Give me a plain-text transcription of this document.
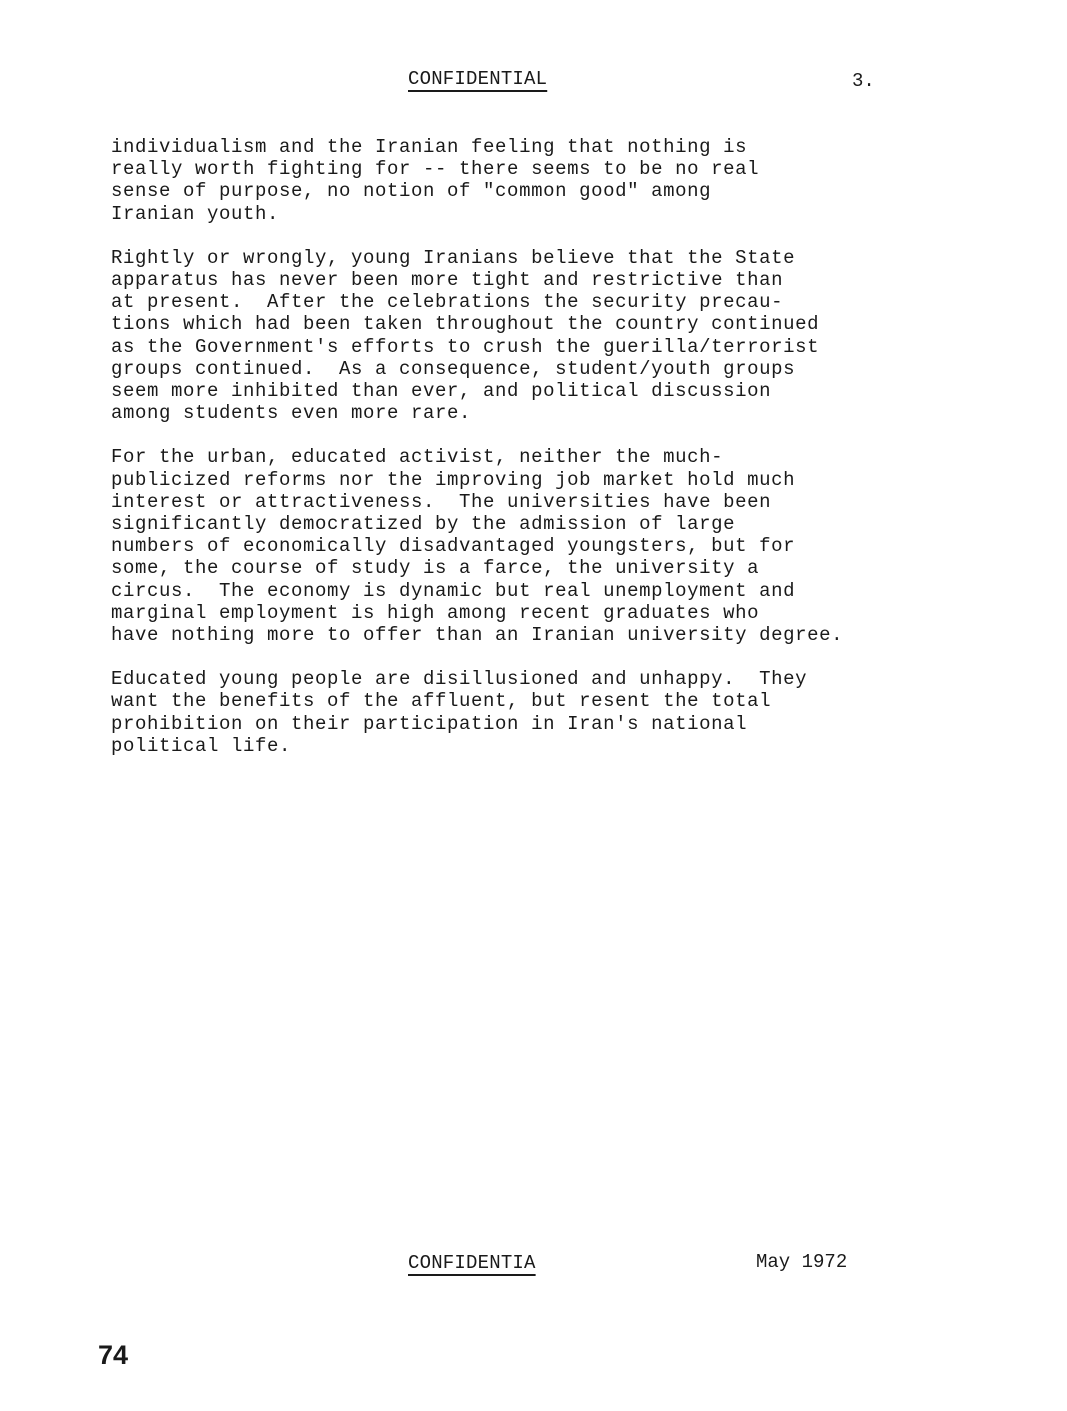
CONFIDENTIAL	3.

individualism and the Iranian feeling that nothing is
really worth fighting for -- there seems to be no real
sense of purpose, no notion of "common good" among
Iranian youth.

Rightly or wrongly, young Iranians believe that the State
apparatus has never been more tight and restrictive than
at present.  After the celebrations the security precau-
tions which had been taken throughout the country continued
as the Government's efforts to crush the guerilla/terrorist
groups continued.  As a consequence, student/youth groups
seem more inhibited than ever, and political discussion
among students even more rare.

For the urban, educated activist, neither the much-
publicized reforms nor the improving job market hold much
interest or attractiveness.  The universities have been
significantly democratized by the admission of large
numbers of economically disadvantaged youngsters, but for
some, the course of study is a farce, the university a
circus.  The economy is dynamic but real unemployment and
marginal employment is high among recent graduates who
have nothing more to offer than an Iranian university degree.

Educated young people are disillusioned and unhappy.  They
want the benefits of the affluent, but resent the total
prohibition on their participation in Iran's national
political life.

CONFIDENTIA	May 1972
74
